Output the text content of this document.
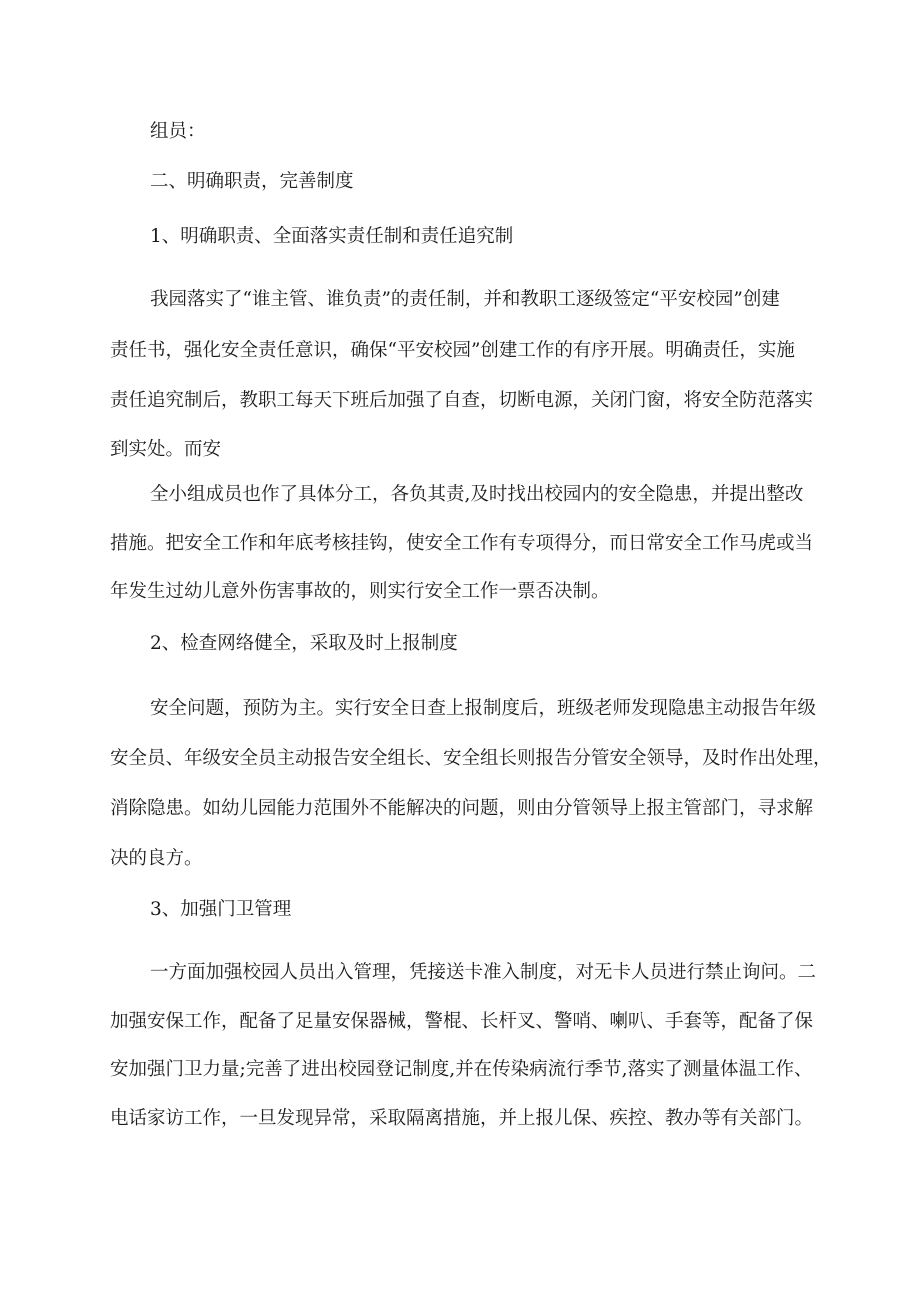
组员：
二、明确职责，完善制度
1、明确职责、全面落实责任制和责任追究制
我园落实了“谁主管、谁负责”的责任制，并和教职工逐级签定“平安校园”创建
责任书，强化安全责任意识，确保“平安校园”创建工作的有序开展。明确责任，实施
责任追究制后，教职工每天下班后加强了自查，切断电源，关闭门窗，将安全防范落实
到实处。而安
全小组成员也作了具体分工，各负其责,及时找出校园内的安全隐患，并提出整改
措施。把安全工作和年底考核挂钩，使安全工作有专项得分，而日常安全工作马虎或当
年发生过幼儿意外伤害事故的，则实行安全工作一票否决制。
2、检查网络健全，采取及时上报制度
安全问题，预防为主。实行安全日查上报制度后，班级老师发现隐患主动报告年级
安全员、年级安全员主动报告安全组长、安全组长则报告分管安全领导，及时作出处理，
消除隐患。如幼儿园能力范围外不能解决的问题，则由分管领导上报主管部门，寻求解
决的良方。
3、加强门卫管理
一方面加强校园人员出入管理，凭接送卡准入制度，对无卡人员进行禁止询问。二
加强安保工作，配备了足量安保器械，警棍、长杆叉、警哨、喇叭、手套等，配备了保
安加强门卫力量;完善了进出校园登记制度,并在传染病流行季节,落实了测量体温工作、
电话家访工作，一旦发现异常，采取隔离措施，并上报儿保、疾控、教办等有关部门。
